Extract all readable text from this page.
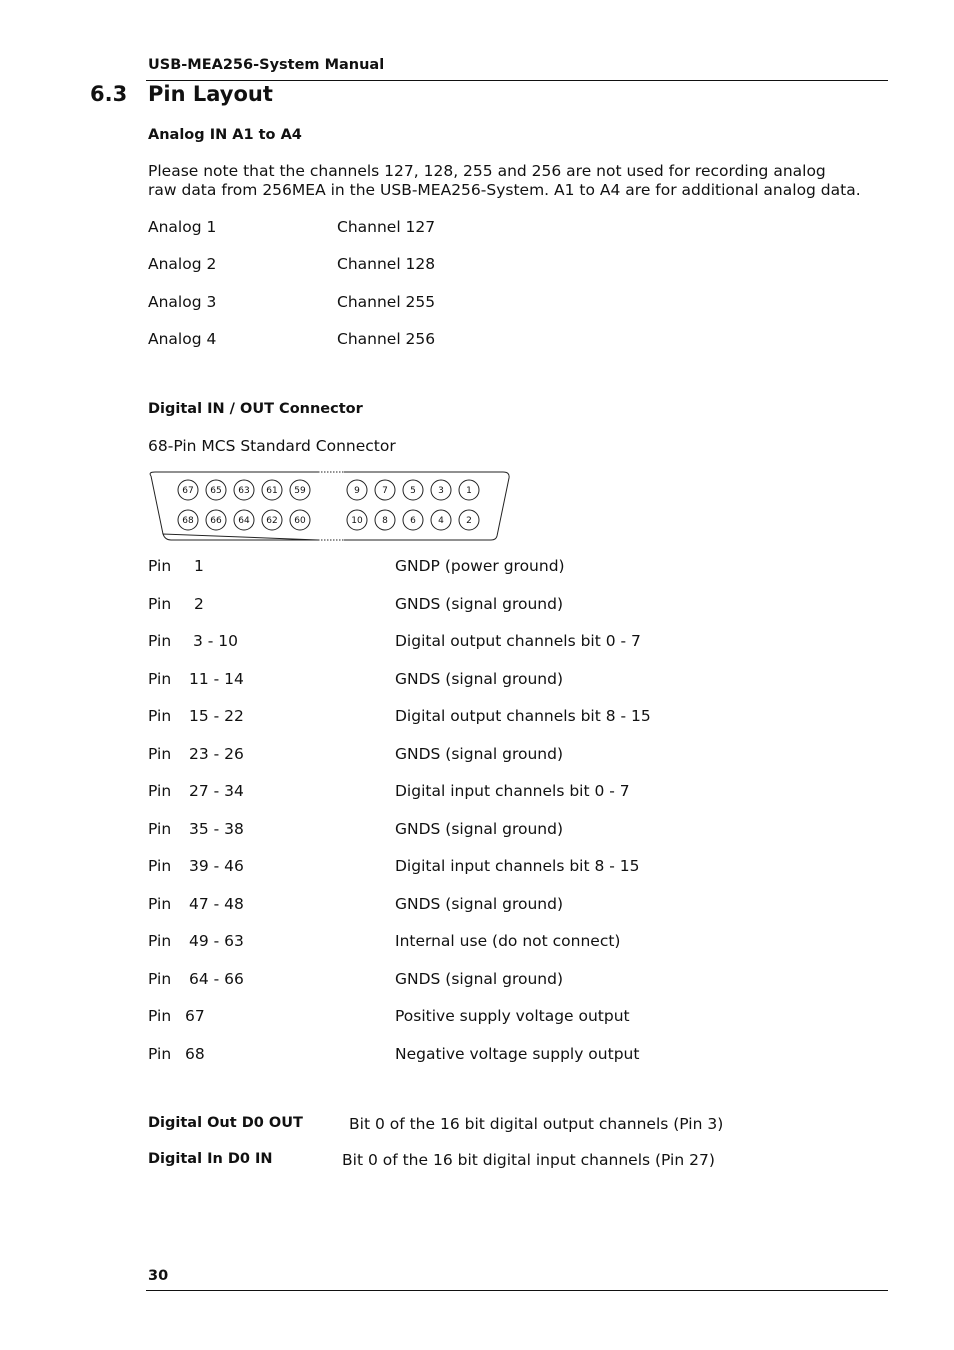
USB-MEA256-System Manual
6.3 Pin Layout
Analog IN A1 to A4
Please note that the channels 127, 128, 255 and 256 are not used for recording analog
raw data from 256MEA in the USB-MEA256-System. A1 to A4 are for additional analog data.
Analog 1	Channel 127
Analog 2	Channel 128
Analog 3	Channel 255
Analog 4	Channel 256
Digital IN / OUT Connector
68-Pin MCS Standard Connector
67 65 63 61 59
68 66 64 62 60
9 7 5 3 1
10 8 6 4 2
Pin 1	GNDP (power ground)
Pin 2	GNDS (signal ground)
Pin 3 - 10	Digital output channels bit 0 - 7
Pin 11 - 14	GNDS (signal ground)
Pin 15 - 22	Digital output channels bit 8 - 15
Pin 23 - 26	GNDS (signal ground)
Pin 27 - 34	Digital input channels bit 0 - 7
Pin 35 - 38	GNDS (signal ground)
Pin 39 - 46	Digital input channels bit 8 - 15
Pin 47 - 48	GNDS (signal ground)
Pin 49 - 63	Internal use (do not connect)
Pin 64 - 66	GNDS (signal ground)
Pin 67	Positive supply voltage output
Pin 68	Negative voltage supply output
Digital Out D0 OUT	Bit 0 of the 16 bit digital output channels (Pin 3)
Digital In D0 IN	Bit 0 of the 16 bit digital input channels (Pin 27)
30
